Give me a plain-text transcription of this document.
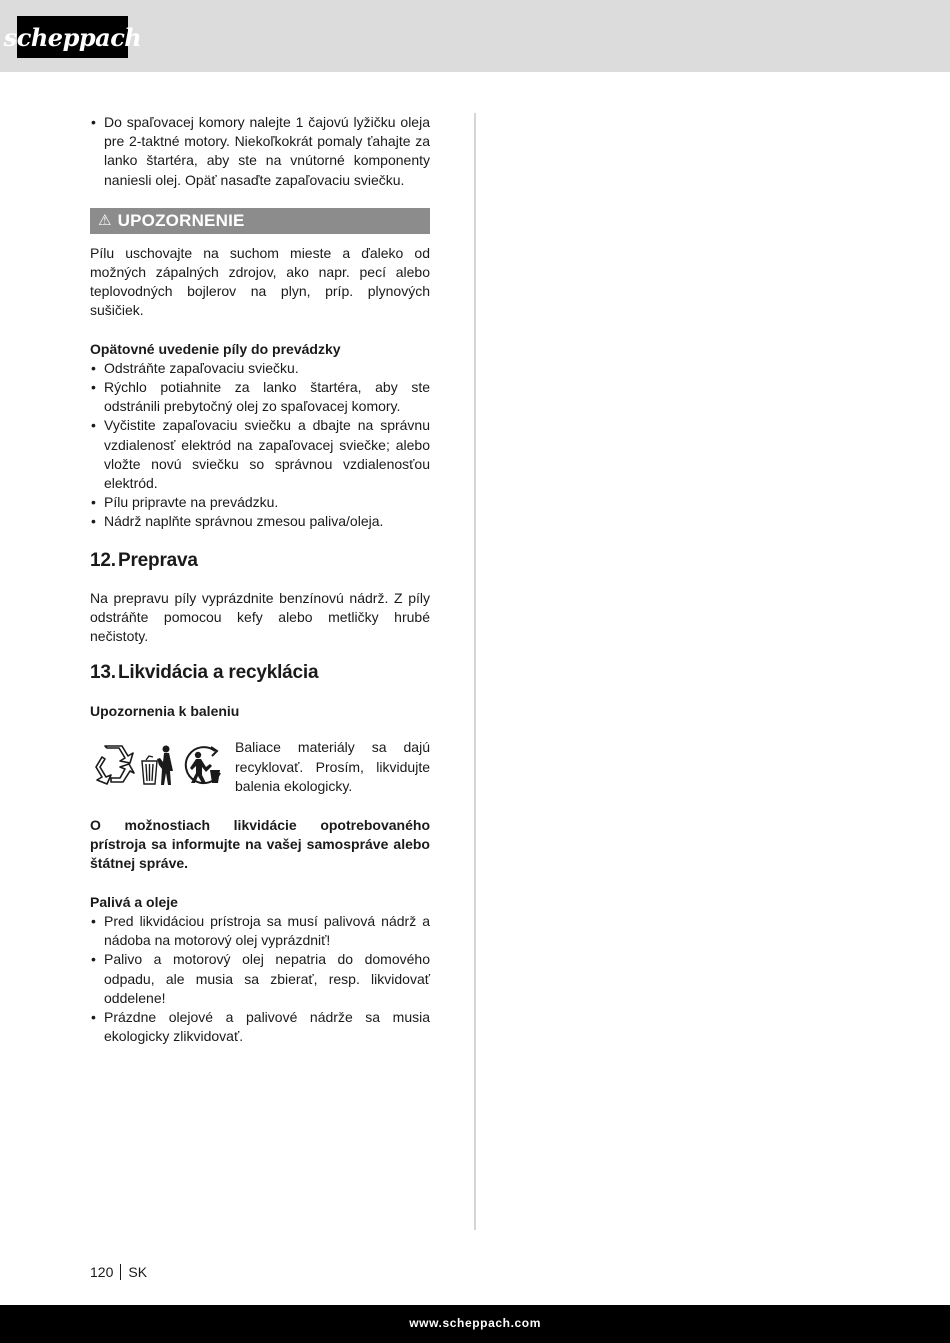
scheppach
• Do spaľovacej komory nalejte 1 čajovú lyžičku oleja pre 2-taktné motory. Niekoľkokrát pomaly ťahajte za lanko štartéra, aby ste na vnútorné komponenty naniesli olej. Opäť nasaďte zapaľovaciu sviečku.
⚠ UPOZORNENIE

Pílu uschovajte na suchom mieste a ďaleko od možných zápalných zdrojov, ako napr. pecí alebo teplovodných bojlerov na plyn, príp. plynových sušičiek.

Opätovné uvedenie píly do prevádzky

• Odstráňte zapaľovaciu sviečku.
• Rýchlo potiahnite za lanko štartéra, aby ste odstránili prebytočný olej zo spaľovacej komory.
• Vyčistite zapaľovaciu sviečku a dbajte na správnu vzdialenosť elektród na zapaľovacej sviečke; alebo vložte novú sviečku so správnou vzdialenosťou elektród.
• Pílu pripravte na prevádzku.
• Nádrž naplňte správnou zmesou paliva/oleja.
12. Preprava

Na prepravu píly vyprázdnite benzínovú nádrž. Z píly odstráňte pomocou kefy alebo metličky hrubé nečistoty.

13. Likvidácia a recyklácia

Upozornenia k baleniu

Baliace materiály sa dajú recyklovať. Prosím, likvidujte balenia ekologicky.

O možnostiach likvidácie opotrebovaného prístroja sa informujte na vašej samospráve alebo štátnej správe.

Palivá a oleje

• Pred likvidáciou prístroja sa musí palivová nádrž a nádoba na motorový olej vyprázdniť!
• Palivo a motorový olej nepatria do domového odpadu, ale musia sa zbierať, resp. likvidovať oddelene!
• Prázdne olejové a palivové nádrže sa musia ekologicky zlikvidovať.
120 SK
www.scheppach.com
